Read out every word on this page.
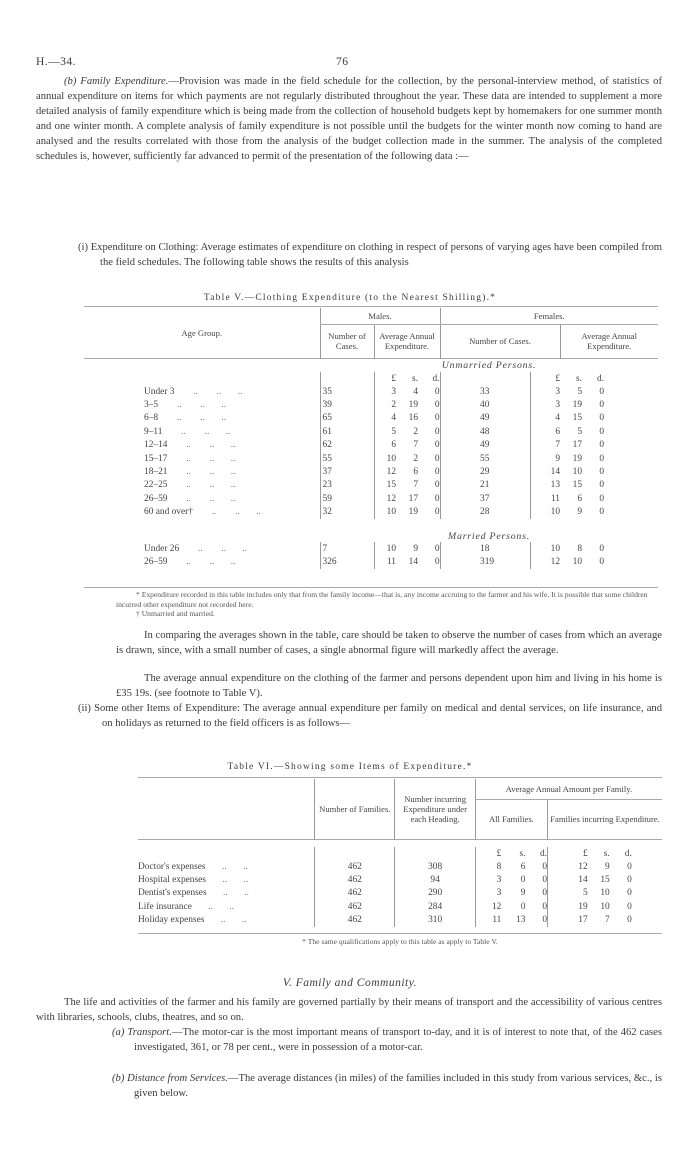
H.—34.	76

(b) Family Expenditure.—Provision was made in the field schedule for the collection, by the personal-interview method, of statistics of annual expenditure on items for which payments are not regularly distributed throughout the year. These data are intended to supplement a more detailed analysis of family expenditure which is being made from the collection of household budgets kept by homemakers for one summer month and one winter month. A complete analysis of family expenditure is not possible until the budgets for the winter month now coming to hand are analysed and the results correlated with those from the analysis of the budget collection made in the summer. The analysis of the completed schedules is, however, sufficiently far advanced to permit of the presentation of the following data :—

(i) Expenditure on Clothing: Average estimates of expenditure on clothing in respect of persons of varying ages have been compiled from the field schedules. The following table shows the results of this analysis

Table V.—Clothing Expenditure (to the Nearest Shilling).*
Age Group.	Males.				Females.					
	Number of Cases.	Average Annual Expenditure.			Number of Cases.			Average Annual Expenditure.		
	Unmarried Persons.									
		£	s.	d.			£	s.	d.	
Under 3        ..        ..       ..	35	3	4	0		33	3	5	0	
3–5        ..        ..       ..	39	2	19	0		40	3	19	0	
6–8        ..        ..       ..	65	4	16	0		49	4	15	0	
9–11        ..        ..       ..	61	5	2	0		48	6	5	0	
12–14        ..        ..       ..	62	6	7	0		49	7	17	0	
15–17        ..        ..       ..	55	10	2	0		55	9	19	0	
18–21        ..        ..       ..	37	12	6	0		29	14	10	0	
22–25        ..        ..       ..	23	15	7	0		21	13	15	0	
26–59        ..        ..       ..	59	12	17	0		37	11	6	0	
60 and over†        ..        ..       ..	32	10	19	0		28	10	9	0	
	Married Persons.									
Under 26        ..        ..       ..	7	10	9	0		18	10	8	0	
26–59        ..        ..       ..	326	11	14	0		319	12	10	0	

* Expenditure recorded in this table includes only that from the family income—that is, any income accruing to the farmer and his wife. It is possible that some children incurred other expenditure not recorded here.

† Unmarried and married.

In comparing the averages shown in the table, care should be taken to observe the number of cases from which an average is drawn, since, with a small number of cases, a single abnormal figure will markedly affect the average.

The average annual expenditure on the clothing of the farmer and persons dependent upon him and living in his home is £35 19s. (see footnote to Table V).

(ii) Some other Items of Expenditure: The average annual expenditure per family on medical and dental services, on life insurance, and on holidays as returned to the field officers is as follows—

Table VI.—Showing some Items of Expenditure.*
	Number of Families.	Number incurring Expenditure under each Heading.	Average Annual Amount per Family.						
			All Families.			Families incurring Expenditure.			

			£	s.	d.	£	s.	d.	
Doctor's expenses       ..       ..	462	308	8	6	0	12	9	0	
Hospital expenses       ..       ..	462	94	3	0	0	14	15	0	
Dentist's expenses       ..       ..	462	290	3	9	0	5	10	0	
Life insurance       ..       ..	462	284	12	0	0	19	10	0	
Holiday expenses       ..       ..	462	310	11	13	0	17	7	0	

* The same qualifications apply to this table as apply to Table V.

V. Family and Community.

The life and activities of the farmer and his family are governed partially by their means of transport and the accessibility of various centres with libraries, schools, clubs, theatres, and so on.

(a) Transport.—The motor-car is the most important means of transport to-day, and it is of interest to note that, of the 462 cases investigated, 361, or 78 per cent., were in possession of a motor-car.

(b) Distance from Services.—The average distances (in miles) of the families included in this study from various services, &c., is given below.
